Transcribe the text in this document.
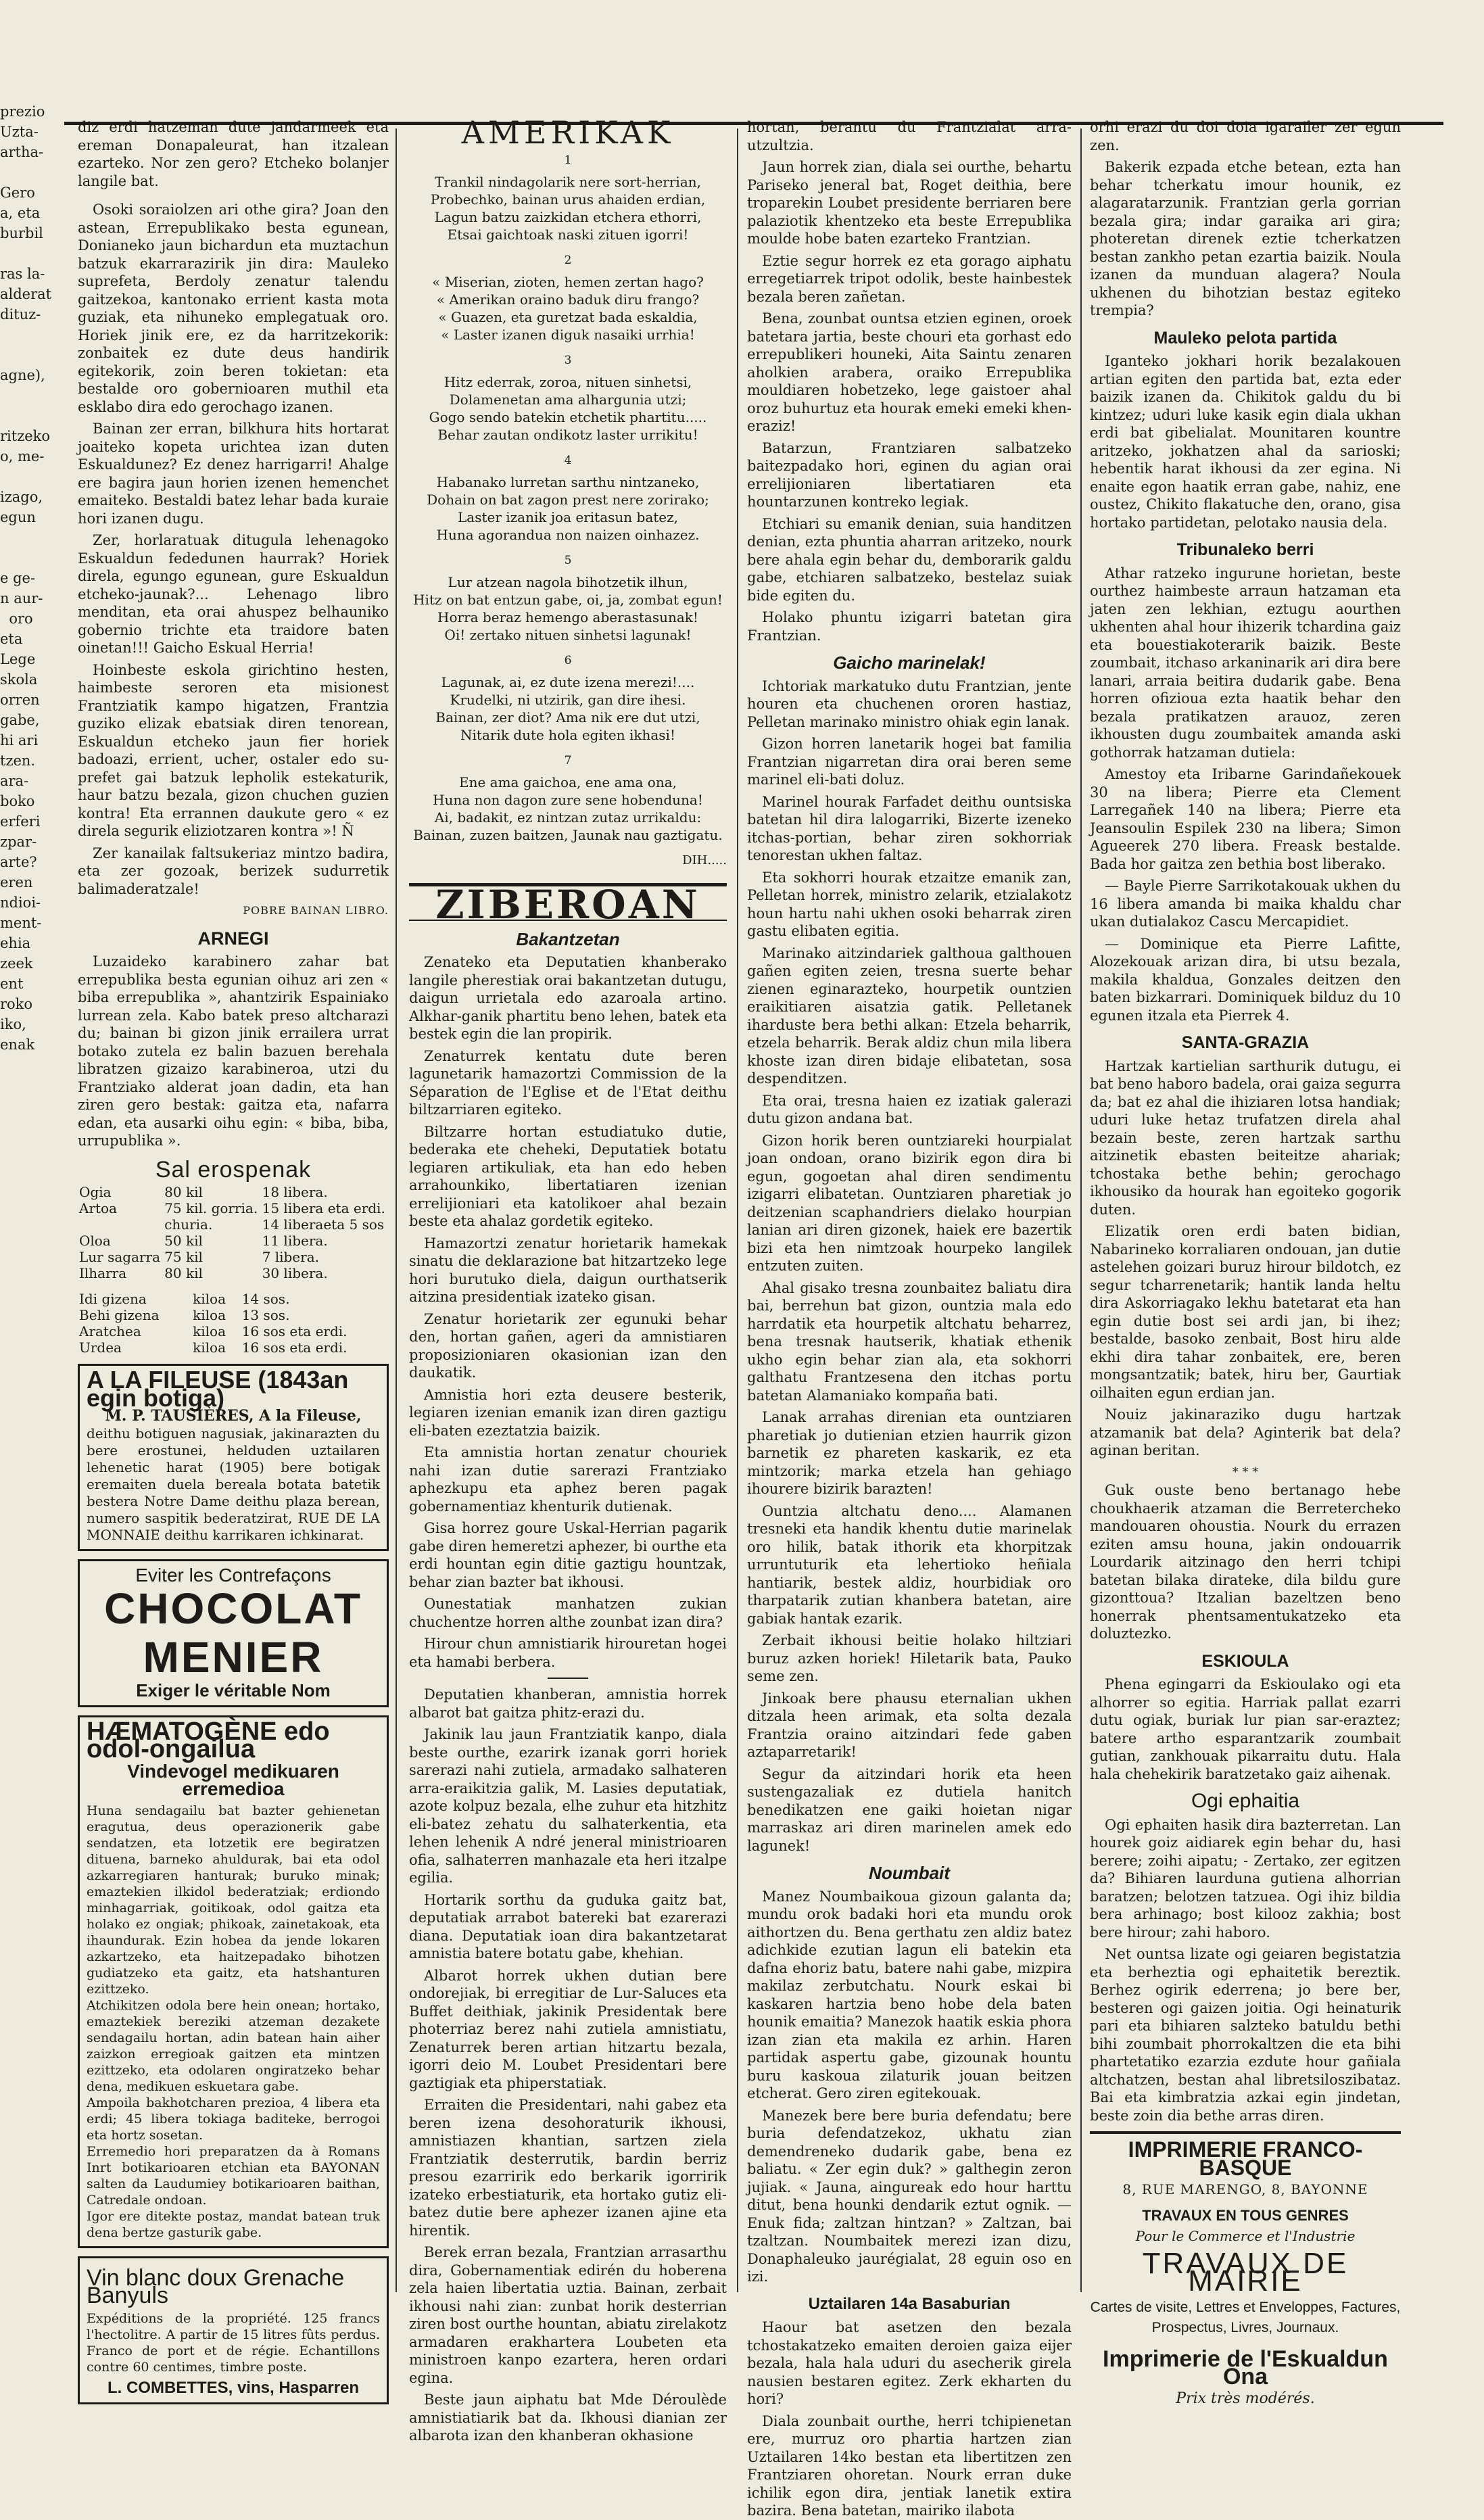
prezio
Uzta-
artha-

Gero
a, eta
burbil

ras la-
alderat
dituz-

agne),

ritzeko
o, me-

izago,
egun

e ge-
n aur-
oro
eta
Lege
skola
orren
gabe,
hi ari
tzen.
ara-
boko
erferi
zpar-
arte?
eren
ndioi-
ment-
ehia
zeek
ent
roko
iko,
enak

diz erdi hatzeman dute jandarmeek eta ereman Donapaleurat, han itzalean ezarteko. Nor zen gero? Etcheko bolanjer langile bat.

Osoki soraiolzen ari othe gira? Joan den astean, Errepublikako besta egunean, Donianeko jaun bichardun eta muztachun batzuk ekarrarazirik jin dira: Mauleko suprefeta, Berdoly zenatur talendu gaitzekoa, kantonako errient kasta mota guziak, eta nihuneko emplegatuak oro. Horiek jinik ere, ez da harritzekorik: zonbaitek ez dute deus handirik egitekorik, zoin beren tokietan: eta bestalde oro gobernioaren muthil eta esklabo dira edo gerochago izanen.

Bainan zer erran, bilkhura hits hortarat joaiteko kopeta urichtea izan duten Eskualdunez? Ez denez harrigarri! Ahalge ere bagira jaun horien izenen hemenchet emaiteko. Bestaldi batez lehar bada kuraie hori izanen dugu.

Zer, horlaratuak ditugula lehenagoko Eskualdun fededunen haurrak? Horiek direla, egungo egunean, gure Eskualdun etcheko-jaunak?... Lehenago libro menditan, eta orai ahuspez belhauniko gobernio trichte eta traidore baten oinetan!!! Gaicho Eskual Herria!

Hoinbeste eskola girichtino hesten, haimbeste seroren eta misionest Frantziatik kampo higatzen, Frantzia guziko elizak ebatsiak diren tenorean, Eskualdun etcheko jaun fier horiek badoazi, errient, ucher, ostaler edo su-prefet gai batzuk lepholik estekaturik, haur batzu bezala, gizon chuchen guzien kontra! Eta errannen daukute gero « ez direla segurik eliziotzaren kontra »! Ñ

Zer kanailak faltsukeriaz mintzo badira, eta zer gozoak, berizek sudurretik balimaderatzale!

POBRE BAINAN LIBRO.
ARNEGI

Luzaideko karabinero zahar bat errepublika besta egunian oihuz ari zen « biba errepublika », ahantzirik Espainiako lurrean zela. Kabo batek preso altcharazi du; bainan bi gizon jinik errailera urrat botako zutela ez balin bazuen berehala libratzen gizaizo karabineroa, utzi du Frantziako alderat joan dadin, eta han ziren gero bestak: gaitza eta, nafarra edan, eta ausarki oihu egin: « biba, biba, urrupublika ».

Sal erospenak
Ogia	80 kil	18 libera.
Artoa	75 kil. gorria.	15 libera eta erdi.
	churia.	14 liberaeta 5 sos
Oloa	50 kil	11 libera.
Lur sagarra	75 kil	7 libera.
Ilharra	80 kil	30 libera.
Idi gizena	kiloa	14 sos.
Behi gizena	kiloa	13 sos.
Aratchea	kiloa	16 sos eta erdi.
Urdea	kiloa	16 sos eta erdi.
A LA FILEUSE (1843an egin botiga)
M. P. TAUSIÈRES, A la Fileuse,
deithu botiguen nagusiak, jakinarazten du bere erostunei, helduden uztailaren lehenetic harat (1905) bere botigak eremaiten duela bereala botata batetik bestera Notre Dame deithu plaza berean, numero saspitik bederatzirat, RUE DE LA MONNAIE deithu karrikaren ichkinarat.
Eviter les Contrefaçons
CHOCOLAT
MENIER
Exiger le véritable Nom
HÆMATOGÈNE edo odol-ongailua
Vindevogel medikuaren erremedioa
Huna sendagailu bat bazter gehienetan eragutua, deus operazionerik gabe sendatzen, eta lotzetik ere begiratzen dituena, barneko ahuldurak, bai eta odol azkarregiaren hanturak; buruko minak; emaztekien ilkidol bederatziak; erdiondo minhagarriak, goitikoak, odol gaitza eta holako ez ongiak; phikoak, zainetakoak, eta ihaundurak. Ezin hobea da jende lokaren azkartzeko, eta haitzepadako bihotzen gudiatzeko eta gaitz, eta hatshanturen ezittzeko.
Atchikitzen odola bere hein onean; hortako, emaztekiek bereziki atzeman dezakete sendagailu hortan, adin batean hain aiher zaizkon erregioak gaitzen eta mintzen ezittzeko, eta odolaren ongiratzeko behar dena, medikuen eskuetara gabe.
Ampoila bakhotcharen prezioa, 4 libera eta erdi; 45 libera tokiaga baditeke, berrogoi eta hortz sosetan.
Erremedio hori preparatzen da à Romans Inrt botikarioaren etchian eta BAYONAN salten da Laudumiey botikarioaren baithan, Catredale ondoan.
Igor ere ditekte postaz, mandat batean truk dena bertze gasturik gabe.
Vin blanc doux Grenache Banyuls
Expéditions de la propriété. 125 francs l'hectolitre. A partir de 15 litres fûts perdus. Franco de port et de régie. Echantillons contre 60 centimes, timbre poste.
L. COMBETTES, vins, Hasparren
AMERIKAK
1
Trankil nindagolarik nere sort-herrian,
Probechko, bainan urus ahaiden erdian,
Lagun batzu zaizkidan etchera ethorri,
Etsai gaichtoak naski zituen igorri!
2
« Miserian, zioten, hemen zertan hago?
« Amerikan oraino baduk diru frango?
« Guazen, eta guretzat bada eskaldia,
« Laster izanen diguk nasaiki urrhia!
3
Hitz ederrak, zoroa, nituen sinhetsi,
Dolamenetan ama alhargunia utzi;
Gogo sendo batekin etchetik phartitu.....
Behar zautan ondikotz laster urrikitu!
4
Habanako lurretan sarthu nintzaneko,
Dohain on bat zagon prest nere zorirako;
Laster izanik joa eritasun batez,
Huna agorandua non naizen oinhazez.
5
Lur atzean nagola bihotzetik ilhun,
Hitz on bat entzun gabe, oi, ja, zombat egun!
Horra beraz hemengo aberastasunak!
Oi! zertako nituen sinhetsi lagunak!
6
Lagunak, ai, ez dute izena merezi!....
Krudelki, ni utzirik, gan dire ihesi.
Bainan, zer diot? Ama nik ere dut utzi,
Nitarik dute hola egiten ikhasi!
7
Ene ama gaichoa, ene ama ona,
Huna non dagon zure sene hobenduna!
Ai, badakit, ez nintzan zutaz urrikaldu:
Bainan, zuzen baitzen, Jaunak nau gaztigatu.
DIH.....
ZIBEROAN
Bakantzetan

Zenateko eta Deputatien khanberako langile pherestiak orai bakantzetan dutugu, daigun urrietala edo azaroala artino. Alkhar-ganik phartitu beno lehen, batek eta bestek egin die lan propirik.

Zenaturrek kentatu dute beren lagunetarik hamazortzi Commission de la Séparation de l'Eglise et de l'Etat deithu biltzarriaren egiteko.

Biltzarre hortan estudiatuko dutie, bederaka ete cheheki, Deputatiek botatu legiaren artikuliak, eta han edo heben arrahounkiko, libertatiaren izenian errelijioniari eta katolikoer ahal bezain beste eta ahalaz gordetik egiteko.

Hamazortzi zenatur horietarik hamekak sinatu die deklarazione bat hitzartzeko lege hori burutuko diela, daigun ourthatserik aitzina presidentiak izateko gisan.

Zenatur horietarik zer egunuki behar den, hortan gañen, ageri da amnistiaren proposizioniaren okasionian izan den daukatik.

Amnistia hori ezta deusere besterik, legiaren izenian emanik izan diren gaztigu eli-baten ezeztatzia baizik.

Eta amnistia hortan zenatur chouriek nahi izan dutie sarerazi Frantziako aphezkupu eta aphez beren pagak gobernamentiaz khenturik dutienak.

Gisa horrez goure Uskal-Herrian pagarik gabe diren hemeretzi aphezer, bi ourthe eta erdi hountan egin ditie gaztigu hountzak, behar zian bazter bat ikhousi.

Ounestatiak manhatzen zukian chuchentze horren althe zounbat izan dira?

Hirour chun amnistiarik hirouretan hogei eta hamabi berbera.

Deputatien khanberan, amnistia horrek albarot bat gaitza phitz-erazi du.

Jakinik lau jaun Frantziatik kanpo, diala beste ourthe, ezarirk izanak gorri horiek sarerazi nahi zutiela, armadako salhateren arra-eraikitzia galik, M. Lasies deputatiak, azote kolpuz bezala, elhe zuhur eta hitzhitz eli-batez zehatu du salhaterkentia, eta lehen lehenik A ndré jeneral ministrioaren ofia, salhaterren manhazale eta heri itzalpe egilia.

Hortarik sorthu da guduka gaitz bat, deputatiak arrabot batereki bat ezarerazi diana. Deputatiak ioan dira bakantzetarat amnistia batere botatu gabe, khehian.

Albarot horrek ukhen dutian bere ondorejiak, bi erregitiar de Lur-Saluces eta Buffet deithiak, jakinik Presidentak bere photerriaz berez nahi zutiela amnistiatu, Zenaturrek beren artian hitzartu bezala, igorri deio M. Loubet Presidentari bere gaztigiak eta phiperstatiak.

Erraiten die Presidentari, nahi gabez eta beren izena desohoraturik ikhousi, amnistiazen khantian, sartzen ziela Frantziatik desterrutik, bardin berriz presou ezarririk edo berkarik igorririk izateko erbestiaturik, eta hortako gutiz eli-batez dutie bere aphezer izanen ajine eta hirentik.

Berek erran bezala, Frantzian arrasarthu dira, Gobernamentiak edirén du hoberena zela haien libertatia uztia. Bainan, zerbait ikhousi nahi zian: zunbat horik desterrian ziren bost ourthe hountan, abiatu zirelakotz armadaren erakhartera Loubeten eta ministroen kanpo ezartera, heren ordari egina.

Beste jaun aiphatu bat Mde Déroulède amnistiatiarik bat da. Ikhousi dianian zer albarota izan den khanberan okhasione

hortan, berantu du Frantzialat arra-utzultzia.

Jaun horrek zian, diala sei ourthe, behartu Pariseko jeneral bat, Roget deithia, bere troparekin Loubet presidente berriaren bere palaziotik khentzeko eta beste Errepublika moulde hobe baten ezarteko Frantzian.

Eztie segur horrek ez eta gorago aiphatu erregetiarrek tripot odolik, beste hainbestek bezala beren zañetan.

Bena, zounbat ountsa etzien eginen, oroek batetara jartia, beste chouri eta gorhast edo errepublikeri houneki, Aita Saintu zenaren aholkien arabera, oraiko Errepublika mouldiaren hobetzeko, lege gaistoer ahal oroz buhurtuz eta hourak emeki emeki khen-eraziz!

Batarzun, Frantziaren salbatzeko baitezpadako hori, eginen du agian orai errelijioniaren libertatiaren eta hountarzunen kontreko legiak.

Etchiari su emanik denian, suia handitzen denian, ezta phuntia aharran aritzeko, nourk bere ahala egin behar du, demborarik galdu gabe, etchiaren salbatzeko, bestelaz suiak bide egiten du.

Holako phuntu izigarri batetan gira Frantzian.

Gaicho marinelak!

Ichtoriak markatuko dutu Frantzian, jente houren eta chuchenen ororen hastiaz, Pelletan marinako ministro ohiak egin lanak.

Gizon horren lanetarik hogei bat familia Frantzian nigarretan dira orai beren seme marinel eli-bati doluz.

Marinel hourak Farfadet deithu ountsiska batetan hil dira lalogarriki, Bizerte izeneko itchas-portian, behar ziren sokhorriak tenorestan ukhen faltaz.

Eta sokhorri hourak etzaitze emanik zan, Pelletan horrek, ministro zelarik, etzialakotz houn hartu nahi ukhen osoki beharrak ziren gastu elibaten egitia.

Marinako aitzindariek galthoua galthouen gañen egiten zeien, tresna suerte behar zienen eginarazteko, hourpetik ountzien eraikitiaren aisatzia gatik. Pelletanek iharduste bera bethi alkan: Etzela beharrik, etzela beharrik. Berak aldiz chun mila libera khoste izan diren bidaje elibatetan, sosa despenditzen.

Eta orai, tresna haien ez izatiak galerazi dutu gizon andana bat.

Gizon horik beren ountziareki hourpialat joan ondoan, orano bizirik egon dira bi egun, gogoetan ahal diren sendimentu izigarri elibatetan. Ountziaren pharetiak jo deitzenian scaphandriers dielako hourpian lanian ari diren gizonek, haiek ere bazertik bizi eta hen nimtzoak hourpeko langilek entzuten zuiten.

Ahal gisako tresna zounbaitez baliatu dira bai, berrehun bat gizon, ountzia mala edo harrdatik eta hourpetik altchatu beharrez, bena tresnak hautserik, khatiak ethenik ukho egin behar zian ala, eta sokhorri galthatu Frantzesena den itchas portu batetan Alamaniako kompaña bati.

Lanak arrahas direnian eta ountziaren pharetiak jo dutienian etzien haurrik gizon barnetik ez phareten kaskarik, ez eta mintzorik; marka etzela han gehiago ihourere bizirik barazten!

Ountzia altchatu deno.... Alamanen tresneki eta handik khentu dutie marinelak oro hilik, batak ithorik eta khorpitzak urruntuturik eta lehertioko heñiala hantiarik, bestek aldiz, hourbidiak oro tharpatarik zutian khanbera batetan, aire gabiak hantak ezarik.

Zerbait ikhousi beitie holako hiltziari buruz azken horiek! Hiletarik bata, Pauko seme zen.

Jinkoak bere phausu eternalian ukhen ditzala heen arimak, eta solta dezala Frantzia oraino aitzindari fede gaben aztaparretarik!

Segur da aitzindari horik eta heen sustengazaliak ez dutiela hanitch benedikatzen ene gaiki hoietan nigar marraskaz ari diren marinelen amek edo lagunek!

Noumbait

Manez Noumbaikoua gizoun galanta da; mundu orok badaki hori eta mundu orok aithortzen du. Bena gerthatu zen aldiz batez adichkide ezutian lagun eli batekin eta dafna ehoriz batu, batere nahi gabe, mizpira makilaz zerbutchatu. Nourk eskai bi kaskaren hartzia beno hobe dela baten hounik emaitia? Manezok haatik eskia phora izan zian eta makila ez arhin. Haren partidak aspertu gabe, gizounak hountu buru kaskoua zilaturik jouan beitzen etcherat. Gero ziren egitekouak.

Manezek bere bere buria defendatu; bere buria defendatzekoz, ukhatu zian demendreneko dudarik gabe, bena ez baliatu. « Zer egin duk? » galthegin zeron jujiak. « Jauna, aingureak edo hour harttu ditut, bena hounki dendarik eztut ognik. — Enuk fida; zaltzan hintzan? » Zaltzan, bai tzaltzan. Noumbaitek merezi izan dizu, Donaphaleuko jaurégialat, 28 eguin oso en izi.

Uztailaren 14a Basaburian

Haour bat asetzen den bezala tchostakatzeko emaiten deroien gaiza eijer bezala, hala hala uduri du asecherik girela nausien bestaren egitez. Zerk ekharten du hori?

Diala zounbait ourthe, herri tchipienetan ere, murruz oro phartia hartzen zian Uztailaren 14ko bestan eta libertitzen zen Frantziaren ohoretan. Nourk erran duke ichilik egon dira, jentiak lanetik extira bazira. Bena batetan, mairiko ilabota

orhi erazi du doi doia igarailer zer egun zen.

Bakerik ezpada etche betean, ezta han behar tcherkatu imour hounik, ez alagaratarzunik. Frantzian gerla gorrian bezala gira; indar garaika ari gira; photeretan direnek eztie tcherkatzen bestan zankho petan ezartia baizik. Noula izanen da munduan alagera? Noula ukhenen du bihotzian bestaz egiteko trempia?

Mauleko pelota partida

Iganteko jokhari horik bezalakouen artian egiten den partida bat, ezta eder baizik izanen da. Chikitok galdu du bi kintzez; uduri luke kasik egin diala ukhan erdi bat gibelialat. Mounitaren kountre aritzeko, jokhatzen ahal da sarioski; hebentik harat ikhousi da zer egina. Ni enaite egon haatik erran gabe, nahiz, ene oustez, Chikito flakatuche den, orano, gisa hortako partidetan, pelotako nausia dela.

Tribunaleko berri

Athar ratzeko ingurune horietan, beste ourthez haimbeste arraun hatzaman eta jaten zen lekhian, eztugu aourthen ukhenten ahal hour ihizerik tchardina gaiz eta bouestiakoterarik baizik. Beste zoumbait, itchaso arkaninarik ari dira bere lanari, arraia beitira dudarik gabe. Bena horren ofizioua ezta haatik behar den bezala pratikatzen arauoz, zeren ikhousten dugu zoumbaitek amanda aski gothorrak hatzaman dutiela:

Amestoy eta Iribarne Garindañekouek 30 na libera; Pierre eta Clement Larregañek 140 na libera; Pierre eta Jeansoulin Espilek 230 na libera; Simon Agueerek 270 libera. Freask bestalde. Bada hor gaitza zen bethia bost liberako.

— Bayle Pierre Sarrikotakouak ukhen du 16 libera amanda bi maika khaldu char ukan dutialakoz Cascu Mercapidiet.

— Dominique eta Pierre Lafitte, Alozekouak arizan dira, bi utsu bezala, makila khaldua, Gonzales deitzen den baten bizkarrari. Dominiquek bilduz du 10 egunen itzala eta Pierrek 4.

SANTA-GRAZIA

Hartzak kartielian sarthurik dutugu, ei bat beno haboro badela, orai gaiza segurra da; bat ez ahal die ihiziaren lotsa handiak; uduri luke hetaz trufatzen direla ahal bezain beste, zeren hartzak sarthu aitzinetik ebasten beiteitze ahariak; tchostaka bethe behin; gerochago ikhousiko da hourak han egoiteko gogorik duten.

Elizatik oren erdi baten bidian, Nabarineko korraliaren ondouan, jan dutie astelehen goizari buruz hirour bildotch, ez segur tcharrenetarik; hantik landa heltu dira Askorriagako lekhu batetarat eta han egin dutie bost sei ardi jan, bi ihez; bestalde, basoko zenbait, Bost hiru alde ekhi dira tahar zonbaitek, ere, beren mongsantzatik; batek, hiru ber, Gaurtiak oilhaiten egun erdian jan.

Nouiz jakinaraziko dugu hartzak atzamanik bat dela? Aginterik bat dela? aginan beritan.

* * *

Guk ouste beno bertanago hebe choukhaerik atzaman die Berretercheko mandouaren ohoustia. Nourk du errazen eziten amsu houna, jakin ondouarrik Lourdarik aitzinago den herri tchipi batetan bilaka dirateke, dila bildu gure gizonttoua? Itzalian bazeltzen beno honerrak phentsamentukatzeko eta doluztezko.

ESKIOULA

Phena egingarri da Eskioulako ogi eta alhorrer so egitia. Harriak pallat ezarri dutu ogiak, buriak lur pian sar-eraztez; batere artho esparantzarik zoumbait gutian, zankhouak pikarraitu dutu. Hala hala chehekirik baratzetako gaiz aihenak.

Ogi ephaitia

Ogi ephaiten hasik dira bazterretan. Lan hourek goiz aidiarek egin behar du, hasi berere; zoihi aipatu; - Zertako, zer egitzen da? Bihiaren laurduna gutienа alhorrian baratzen; belotzen tatzuea. Ogi ihiz bildia bera arhinago; bost kilooz zakhia; bost bere hirour; zahi haboro.

Net ountsa lizate ogi geiaren begistatzia eta berheztia ogi ephaitetik bereztik. Berhez ogirik ederrena; jo bere ber, besteren ogi gaizen joitia. Ogi heinaturik pari eta bihiaren salzteko batuldu bethi bihi zoumbait phorrokaltzen die eta bihi phartetatiko ezarzia ezdute hour gañiala altchatzen, bestan ahal libretsiloszibataz. Bai eta kimbratzia azkai egin jindetan, beste zoin dia bethe arras diren.

IMPRIMERIE FRANCO-BASQUE
8, RUE MARENGO, 8, BAYONNE
TRAVAUX EN TOUS GENRES
Pour le Commerce et l'Industrie
TRAVAUX DE MAIRIE
Cartes de visite, Lettres et Enveloppes, Factures, Prospectus, Livres, Journaux.
Imprimerie de l'Eskualdun Ona
Prix très modérés.
